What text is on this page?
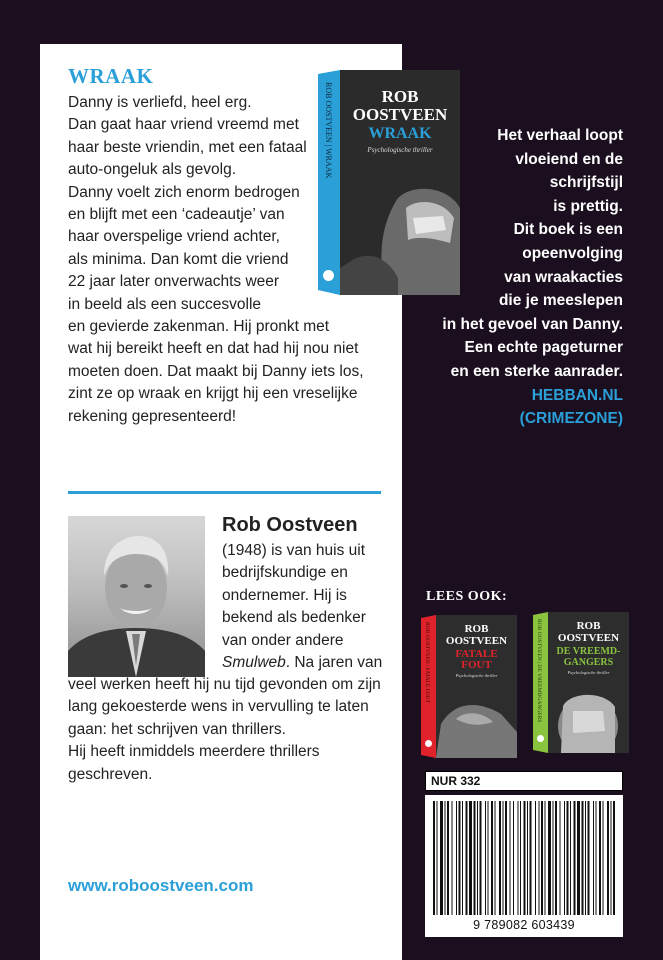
WRAAK
Danny is verliefd, heel erg.
Dan gaat haar vriend vreemd met
haar beste vriendin, met een fataal
auto-ongeluk als gevolg.
Danny voelt zich enorm bedrogen
en blijft met een ‘cadeautje’ van
haar overspelige vriend achter,
als minima. Dan komt die vriend
22 jaar later onverwachts weer
in beeld als een succesvolle
en gevierde zakenman. Hij pronkt met
wat hij bereikt heeft en dat had hij nou niet
moeten doen. Dat maakt bij Danny iets los,
zint ze op wraak en krijgt hij een vreselijke
rekening gepresenteerd!
ROB
OOSTVEEN
WRAAK
Psychologische thriller
ROB OOSTVEEN | WRAAK	Het verhaal loopt
vloeiend en de
schrijfstijl
is prettig.
Dit boek is een
opeenvolging
van wraakacties
die je meeslepen
in het gevoel van Danny.
Een echte pageturner
en een sterke aanrader.
HEBBAN.NL
(CRIMEZONE)
Rob Oostveen
(1948) is van huis uit
bedrijfskundige en
ondernemer. Hij is
bekend als bedenker
van onder andere
Smulweb. Na jaren van
veel werken heeft hij nu tijd gevonden om zijn
lang gekoesterde wens in vervulling te laten
gaan: het schrijven van thrillers.
Hij heeft inmiddels meerdere thrillers
geschreven.
www.roboostveen.com
LEES OOK:
ROB
OOSTVEEN
FATALE
FOUT
Psychologische thriller
ROB OOSTVEEN | FATALE FOUT	ROB
OOSTVEEN
DE VREEMD-
GANGERS
Psychologische thriller
ROB OOSTVEEN | DE VREEMDGANGERS
NUR 332
9 789082 603439
